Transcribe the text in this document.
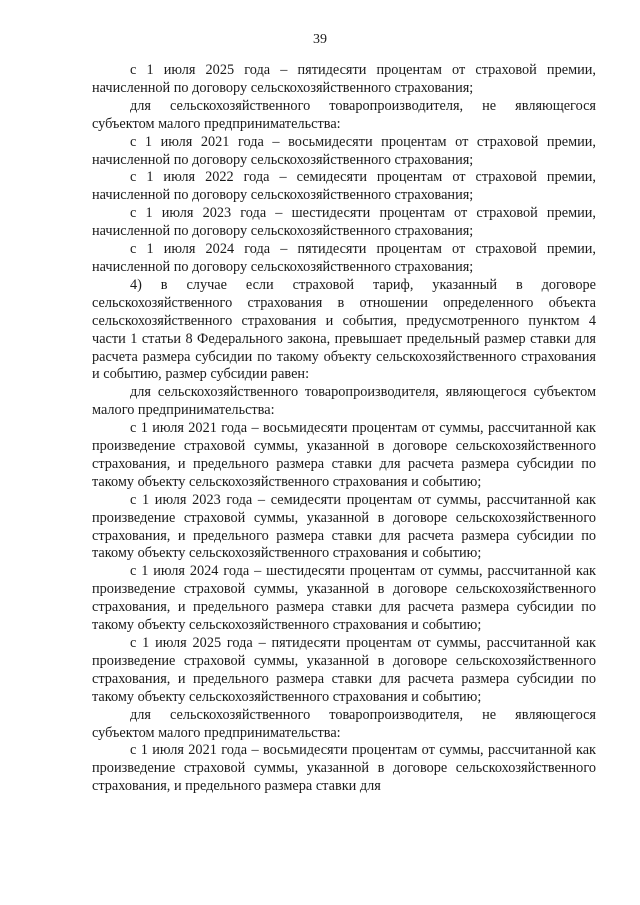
39

с 1 июля 2025 года – пятидесяти процентам от страховой премии, начисленной по договору сельскохозяйственного страхования;

для сельскохозяйственного товаропроизводителя, не являющегося субъектом малого предпринимательства:

с 1 июля 2021 года – восьмидесяти процентам от страховой премии, начисленной по договору сельскохозяйственного страхования;

с 1 июля 2022 года – семидесяти процентам от страховой премии, начисленной по договору сельскохозяйственного страхования;

с 1 июля 2023 года – шестидесяти процентам от страховой премии, начисленной по договору сельскохозяйственного страхования;

с 1 июля 2024 года – пятидесяти процентам от страховой премии, начисленной по договору сельскохозяйственного страхования;

4) в случае если страховой тариф, указанный в договоре сельскохозяйственного страхования в отношении определенного объекта сельскохозяйственного страхования и события, предусмотренного пунктом 4 части 1 статьи 8 Федерального закона, превышает предельный размер ставки для расчета размера субсидии по такому объекту сельскохозяйственного страхования и событию, размер субсидии равен:

для сельскохозяйственного товаропроизводителя, являющегося субъектом малого предпринимательства:

с 1 июля 2021 года – восьмидесяти процентам от суммы, рассчитанной как произведение страховой суммы, указанной в договоре сельскохозяйственного страхования, и предельного размера ставки для расчета размера субсидии по такому объекту сельскохозяйственного страхования и событию;

с 1 июля 2023 года – семидесяти процентам от суммы, рассчитанной как произведение страховой суммы, указанной в договоре сельскохозяйственного страхования, и предельного размера ставки для расчета размера субсидии по такому объекту сельскохозяйственного страхования и событию;

с 1 июля 2024 года – шестидесяти процентам от суммы, рассчитанной как произведение страховой суммы, указанной в договоре сельскохозяйственного страхования, и предельного размера ставки для расчета размера субсидии по такому объекту сельскохозяйственного страхования и событию;

с 1 июля 2025 года – пятидесяти процентам от суммы, рассчитанной как произведение страховой суммы, указанной в договоре сельскохозяйственного страхования, и предельного размера ставки для расчета размера субсидии по такому объекту сельскохозяйственного страхования и событию;

для сельскохозяйственного товаропроизводителя, не являющегося субъектом малого предпринимательства:

с 1 июля 2021 года – восьмидесяти процентам от суммы, рассчитанной как произведение страховой суммы, указанной в договоре сельскохозяйственного страхования, и предельного размера ставки для
